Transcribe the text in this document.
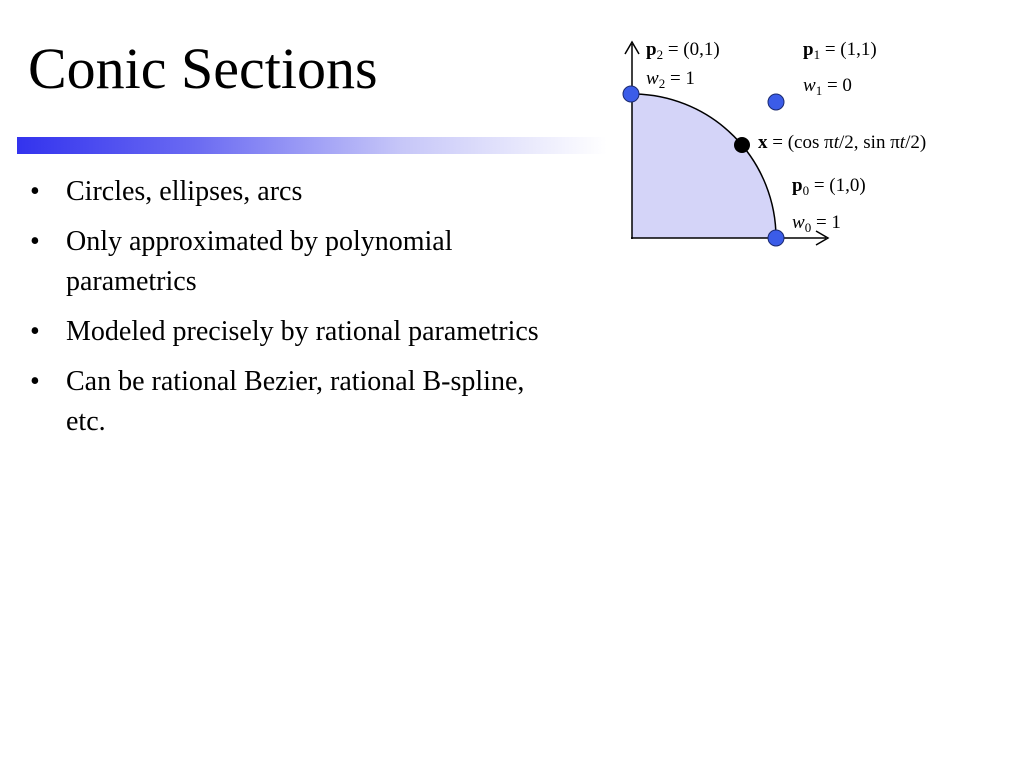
Conic Sections
• Circles, ellipses, arcs
• Only approximated by polynomial parametrics
• Modeled precisely by rational parametrics
• Can be rational Bezier, rational B-spline, etc.
$p_2 = (0,1)$
$w_2 = 1$
$p_1 = (1,1)$
$w_1 = 0$
x = (cos πt/2, sin πt/2)
$p_0 = (1,0)$
$w_0 = 1$
